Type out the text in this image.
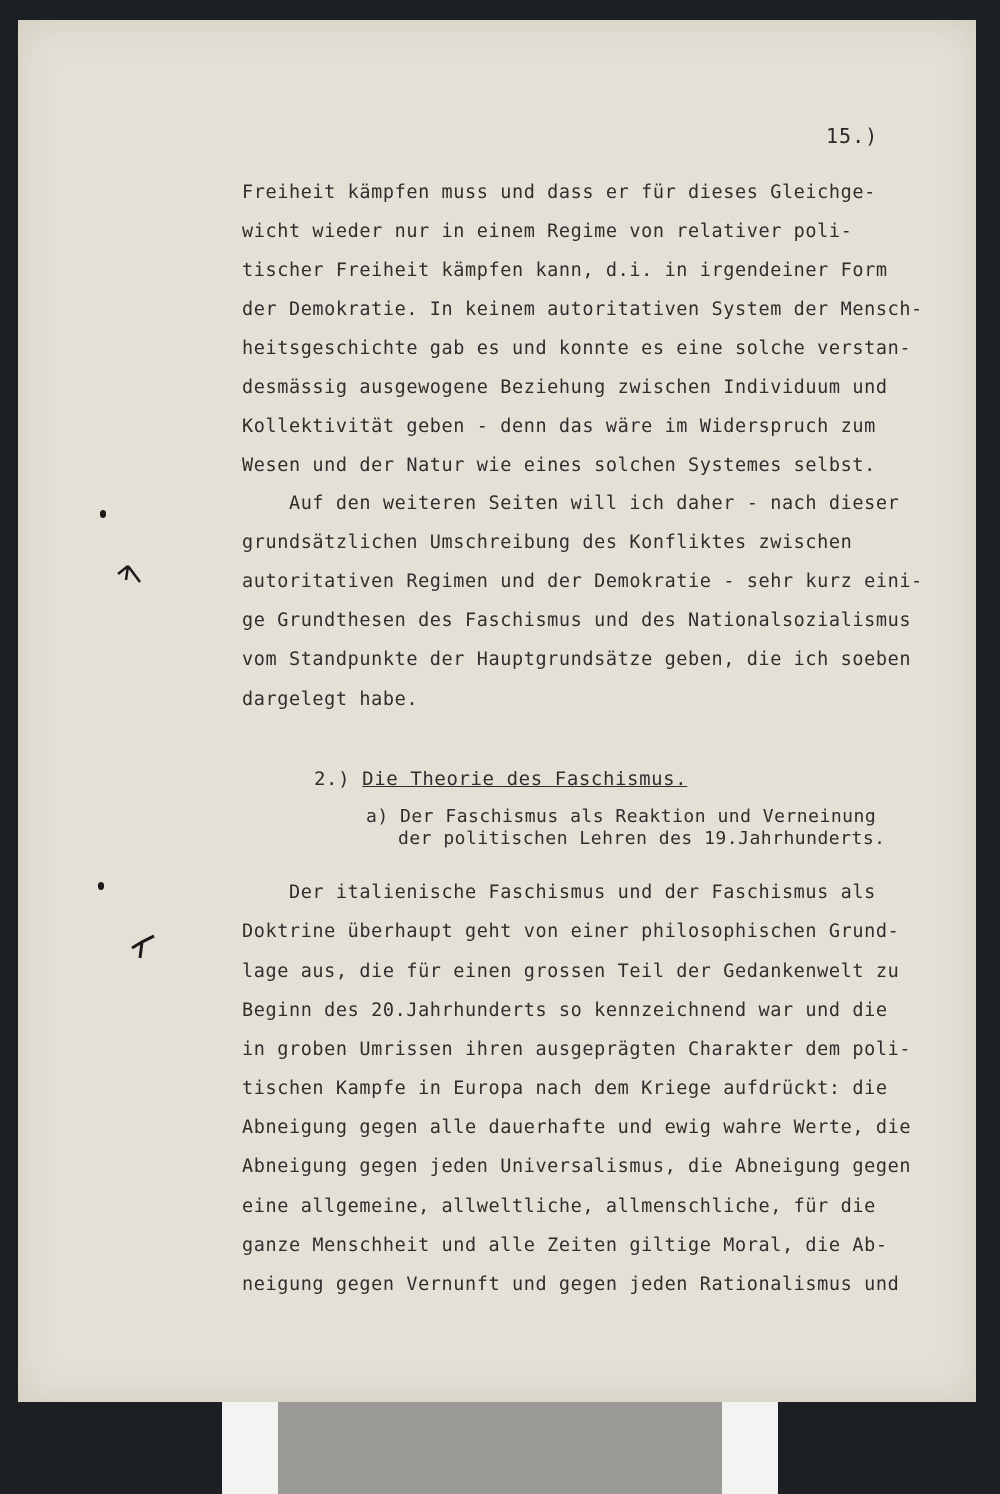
15.)
Freiheit kämpfen muss und dass er für dieses Gleichge-
wicht wieder nur in einem Regime von relativer poli-
tischer Freiheit kämpfen kann, d.i. in irgendeiner Form
der Demokratie. In keinem autoritativen System der Mensch-
heitsgeschichte gab es und konnte es eine solche verstan-
desmässig ausgewogene Beziehung zwischen Individuum und
Kollektivität geben - denn das wäre im Widerspruch zum
Wesen und der Natur wie eines solchen Systemes selbst.
Auf den weiteren Seiten will ich daher - nach dieser
grundsätzlichen Umschreibung des Konfliktes zwischen
autoritativen Regimen und der Demokratie - sehr kurz eini-
ge Grundthesen des Faschismus und des Nationalsozialismus
vom Standpunkte der Hauptgrundsätze geben, die ich soeben
dargelegt habe.
2.) Die Theorie des Faschismus.
a) Der Faschismus als Reaktion und Verneinung
der politischen Lehren des 19.Jahrhunderts.
Der italienische Faschismus und der Faschismus als
Doktrine überhaupt geht von einer philosophischen Grund-
lage aus, die für einen grossen Teil der Gedankenwelt zu
Beginn des 20.Jahrhunderts so kennzeichnend war und die
in groben Umrissen ihren ausgeprägten Charakter dem poli-
tischen Kampfe in Europa nach dem Kriege aufdrückt: die
Abneigung gegen alle dauerhafte und ewig wahre Werte, die
Abneigung gegen jeden Universalismus, die Abneigung gegen
eine allgemeine, allweltliche, allmenschliche, für die
ganze Menschheit und alle Zeiten giltige Moral, die Ab-
neigung gegen Vernunft und gegen jeden Rationalismus und
